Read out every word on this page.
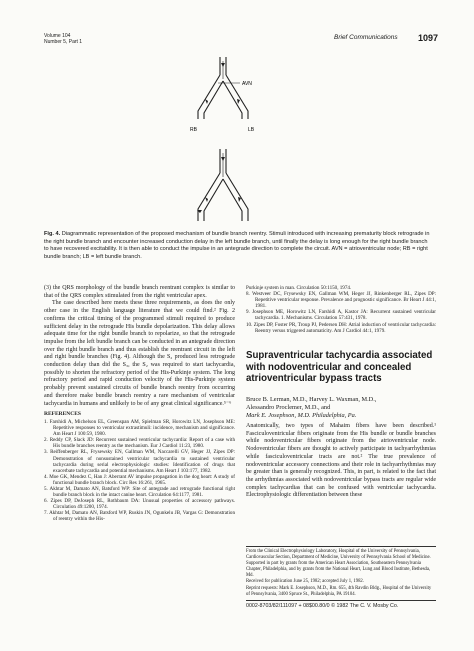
Volume 104
Number 5, Part 1
Brief Communications 1097
AVN
RB	LB
Fig. 4. Diagrammatic representation of the proposed mechanism of bundle branch reentry. Stimuli introduced with increasing prematurity block retrograde in the right bundle branch and encounter increased conduction delay in the left bundle branch, until finally the delay is long enough for the right bundle branch to have recovered excitability. It is then able to conduct the impulse in an antegrade direction to complete the circuit. AVN = atrioventricular node; RB = right bundle branch; LB = left bundle branch.

(3) the QRS morphology of the bundle branch reentrant complex is similar to that of the QRS complex stimulated from the right ventricular apex.

The case described here meets these three requirements, as does the only other case in the English language literature that we could find.² Fig. 2 confirms the critical timing of the programmed stimuli required to produce sufficient delay in the retrograde His bundle depolarization. This delay allows adequate time for the right bundle branch to repolarize, so that the retrograde impulse from the left bundle branch can be conducted in an antegrade direction over the right bundle branch and thus establish the reentrant circuit in the left and right bundle branches (Fig. 4). Although the S₂ produced less retrograde conduction delay than did the S₃, the S₂ was required to start tachycardia, possibly to shorten the refractory period of the His-Purkinje system. The long refractory period and rapid conduction velocity of the His-Purkinje system probably prevent sustained circuits of bundle branch reentry from occurring and therefore make bundle branch reentry a rare mechanism of ventricular tachycardia in humans and unlikely to be of any great clinical significance.⁵⁻⁶

REFERENCES

1. Farshidi A, Michelson EL, Greenspan AM, Spielman SR, Horowitz LN, Josephson ME: Repetitive responses to ventricular extrastimuli: incidence, mechanism and significance. Am Heart J 100:59, 1980.

2. Reddy CP, Slack JD: Recurrent sustained ventricular tachycardia: Report of a case with His bundle branches reentry as the mechanism. Eur J Cardiol 11:23, 1980.

3. Reiffenberger RL, Frysewsky EN, Gallman WM, Naccarelli GV, Heger JJ, Zipes DP: Demonstration of nonsustained ventricular tachycardia to sustained ventricular tachycardia during serial electrophysiologic studies: Identification of drugs that exacerbate tachycardia and potential mechanisms. Am Heart J 103:177, 1982.

4. Moe GK, Mendez C, Han J: Aberrant AV impulse propagation in the dog heart: A study of functional bundle branch block. Circ Res 16:261, 1965.

5. Akhtar M, Damato AN, Batsford WP: Site of antegrade and retrograde functional right bundle branch block in the intact canine heart. Circulation 64:1177, 1981.

6. Zipes DP, DeJoseph RL, Rothbaum DA: Unusual properties of accessory pathways. Circulation 49:1200, 1974.

7. Akhtar M, Damato AN, Batsford WP, Ruskin JN, Ogunkelu JB, Vargas G: Demonstration of reentry within the His-

Purkinje system in man. Circulation 50:1150, 1974.

8. Westveer DC, Frysewsky EN, Gallman WM, Heger JJ, Rinkenberger RL, Zipes DP: Repetitive ventricular response. Prevalence and prognostic significance. Br Heart J 44:1, 1981.

9. Josephson ME, Horowitz LN, Farshidi A, Kastor JA: Recurrent sustained ventricular tachycardia. 1. Mechanisms. Circulation 57:431, 1978.

10. Zipes DP, Foster PR, Troup PJ, Pedersen DH: Atrial induction of ventricular tachycardia: Reentry versus triggered automaticity. Am J Cardiol 44:1, 1979.

Supraventricular tachycardia associated with nodoventricular and concealed atrioventricular bypass tracts
Bruce B. Lerman, M.D., Harvey L. Waxman, M.D.,
Alessandro Proclemer, M.D., and
Mark E. Josephson, M.D. Philadelphia, Pa.

Anatomically, two types of Mahaim fibers have been described.¹ Fasciculoventricular fibers originate from the His bundle or bundle branches while nodoventricular fibers originate from the atrioventricular node. Nodoventricular fibers are thought to actively participate in tachyarrhythmias while fasciculoventricular tracts are not.² The true prevalence of nodoventricular accessory connections and their role in tachyarrhythmias may be greater than is generally recognized. This, in part, is related to the fact that the arrhythmias associated with nodoventricular bypass tracts are regular wide complex tachycardias that can be confused with ventricular tachycardia. Electrophysiologic differentiation between these

From the Clinical Electrophysiology Laboratory, Hospital of the University of Pennsylvania, Cardiovascular Section, Department of Medicine, University of Pennsylvania School of Medicine.

Supported in part by grants from the American Heart Association, Southeastern Pennsylvania Chapter, Philadelphia, and by grants from the National Heart, Lung and Blood Institute, Bethesda, Md.

Received for publication June 25, 1982; accepted July 1, 1982.

Reprint requests: Mark E. Josephson, M.D., Rm. 655, 4th Ravdin Bldg., Hospital of the University of Pennsylvania, 3400 Spruce St., Philadelphia, PA 19104.

0002-8703/82/111097 + 08$00.80/0 © 1982 The C. V. Mosby Co.
